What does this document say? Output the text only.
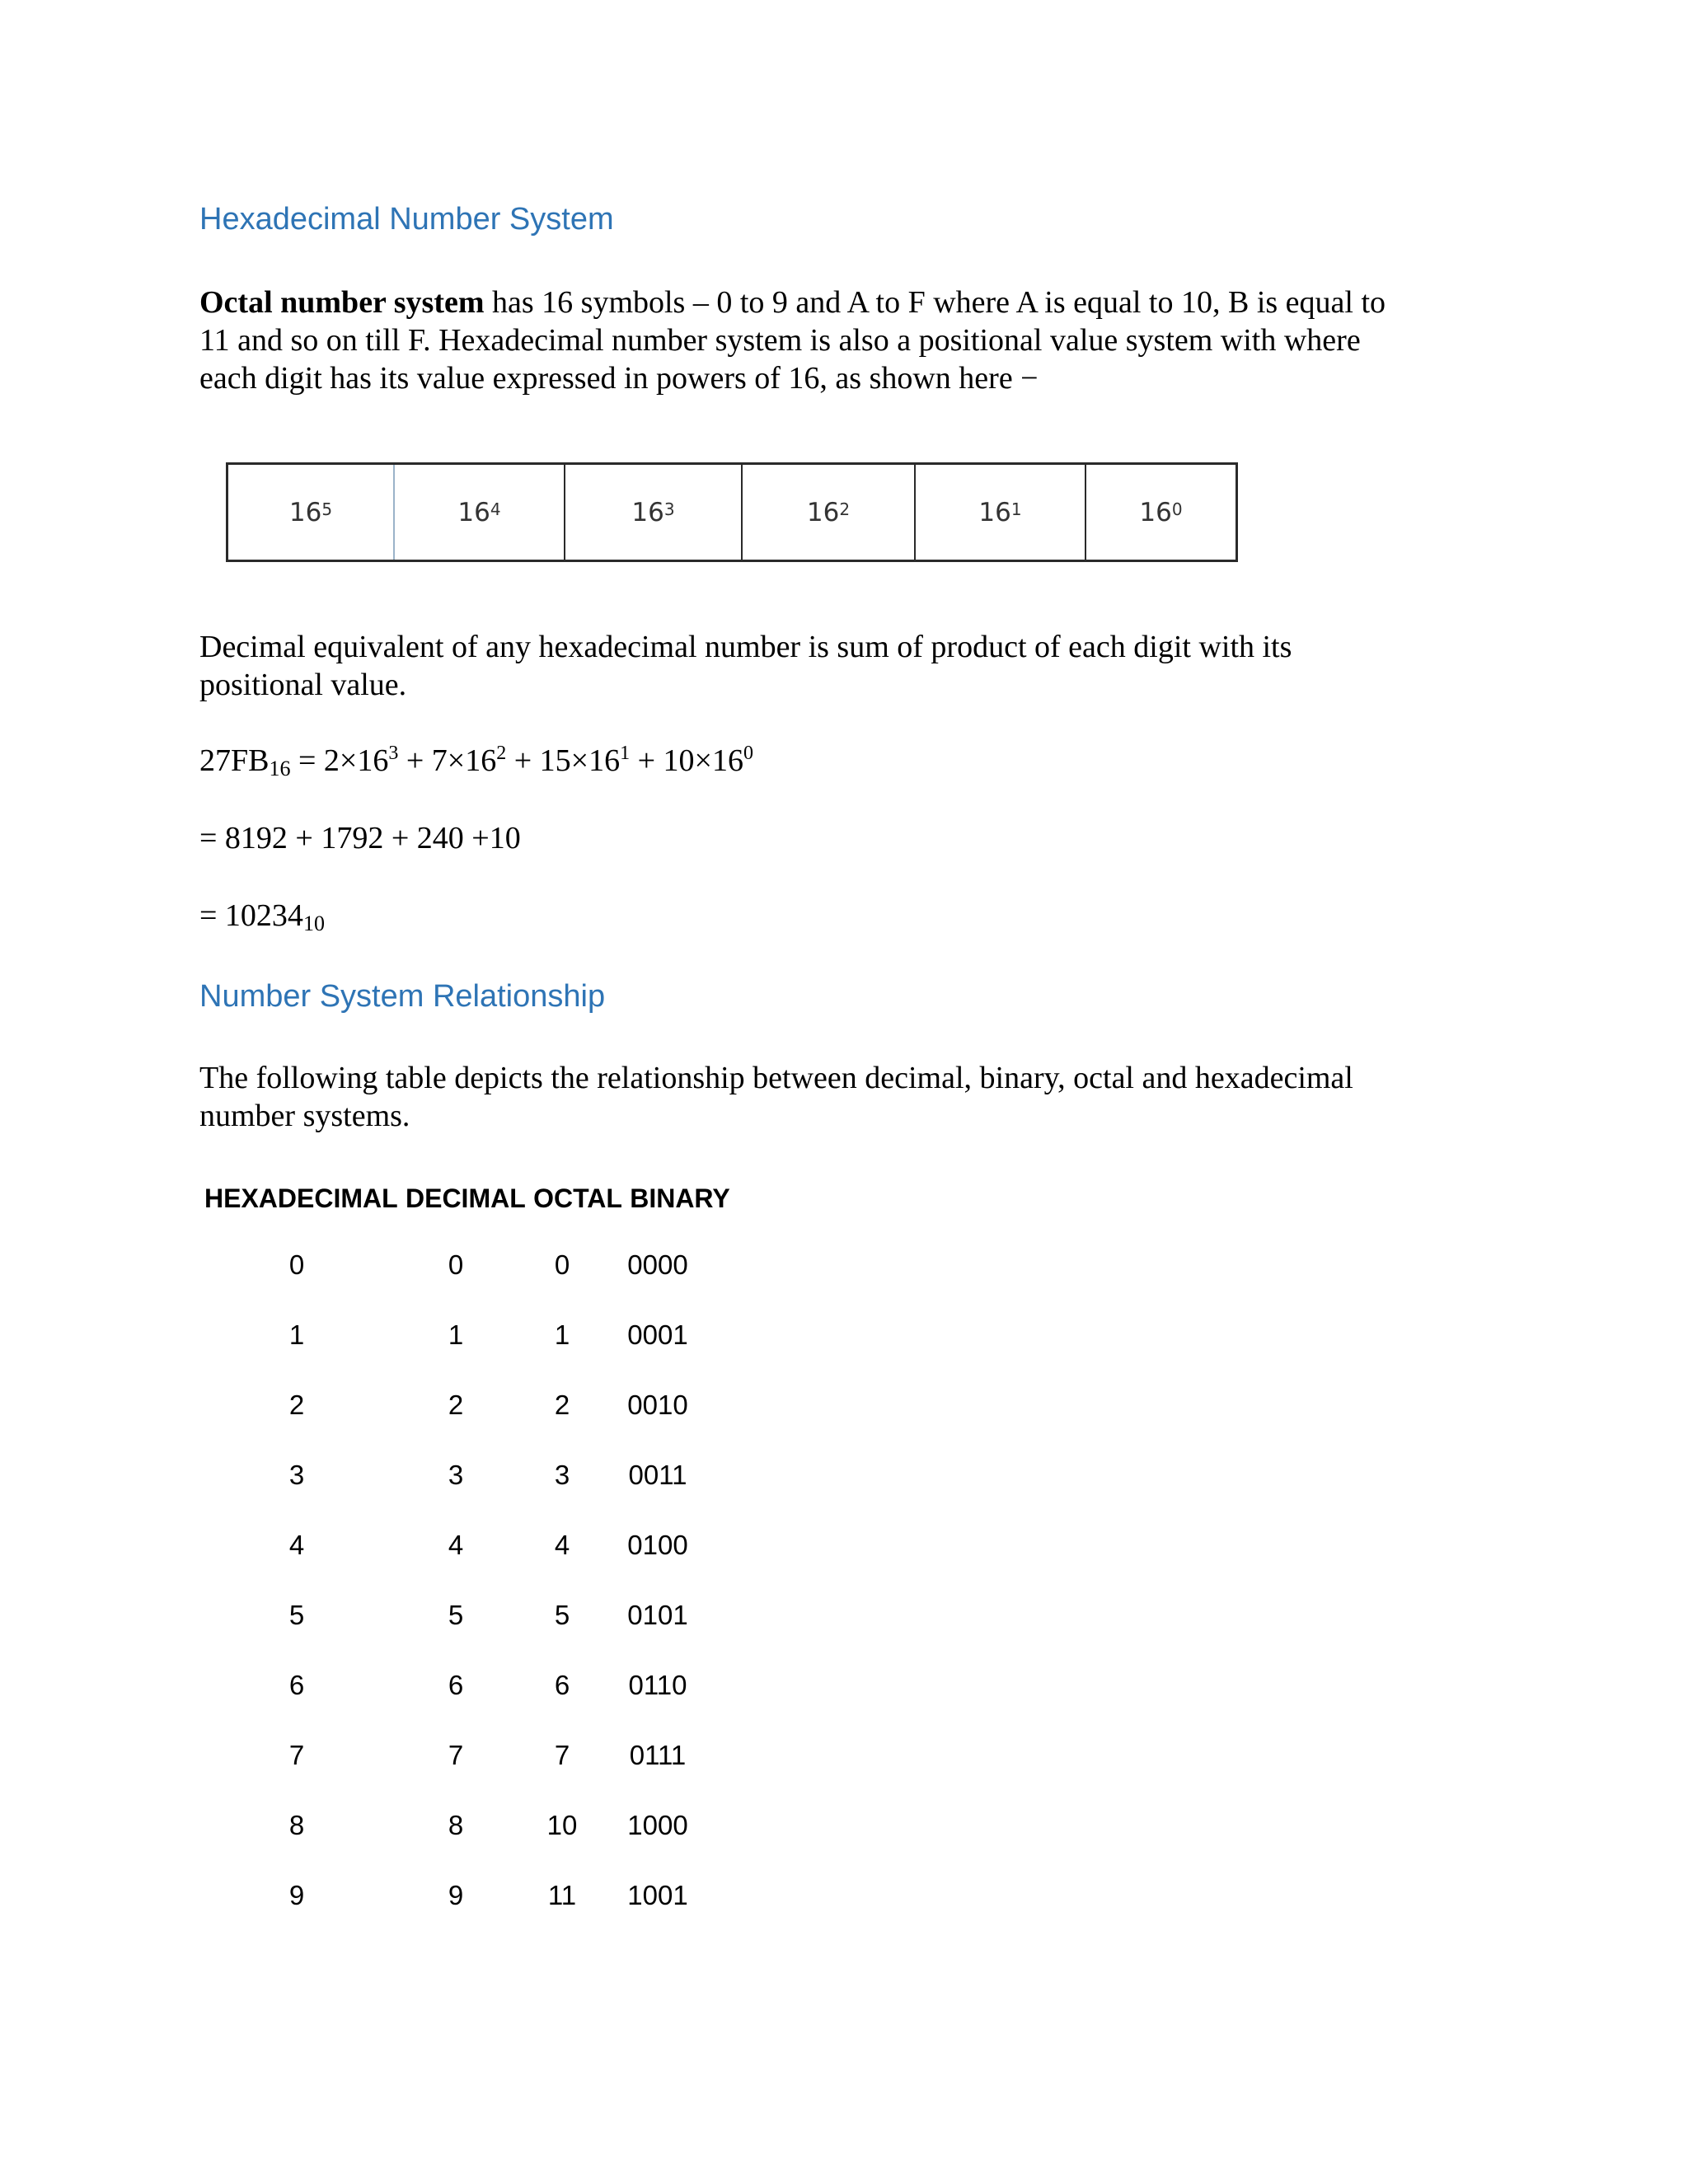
Hexadecimal Number System
Octal number system has 16 symbols – 0 to 9 and A to F where A is equal to 10, B is equal to
11 and so on till F. Hexadecimal number system is also a positional value system with where
each digit has its value expressed in powers of 16, as shown here −
$16^5$	$16^4$	$16^3$	$16^2$	$16^1$	$16^0$
Decimal equivalent of any hexadecimal number is sum of product of each digit with its
positional value.
$27FB_{16} = 2\times 16^3 + 7\times 16^2 + 15\times 16^1 + 10\times 16^0$
= 8192 + 1792 + 240 +10
= $10234_{10}$
Number System Relationship
The following table depicts the relationship between decimal, binary, octal and hexadecimal
number systems.
HEXADECIMAL DECIMAL OCTAL BINARY
0	0	0	0000
1	1	1	0001
2	2	2	0010
3	3	3	0011
4	4	4	0100
5	5	5	0101
6	6	6	0110
7	7	7	0111
8	8	10	1000
9	9	11	1001
